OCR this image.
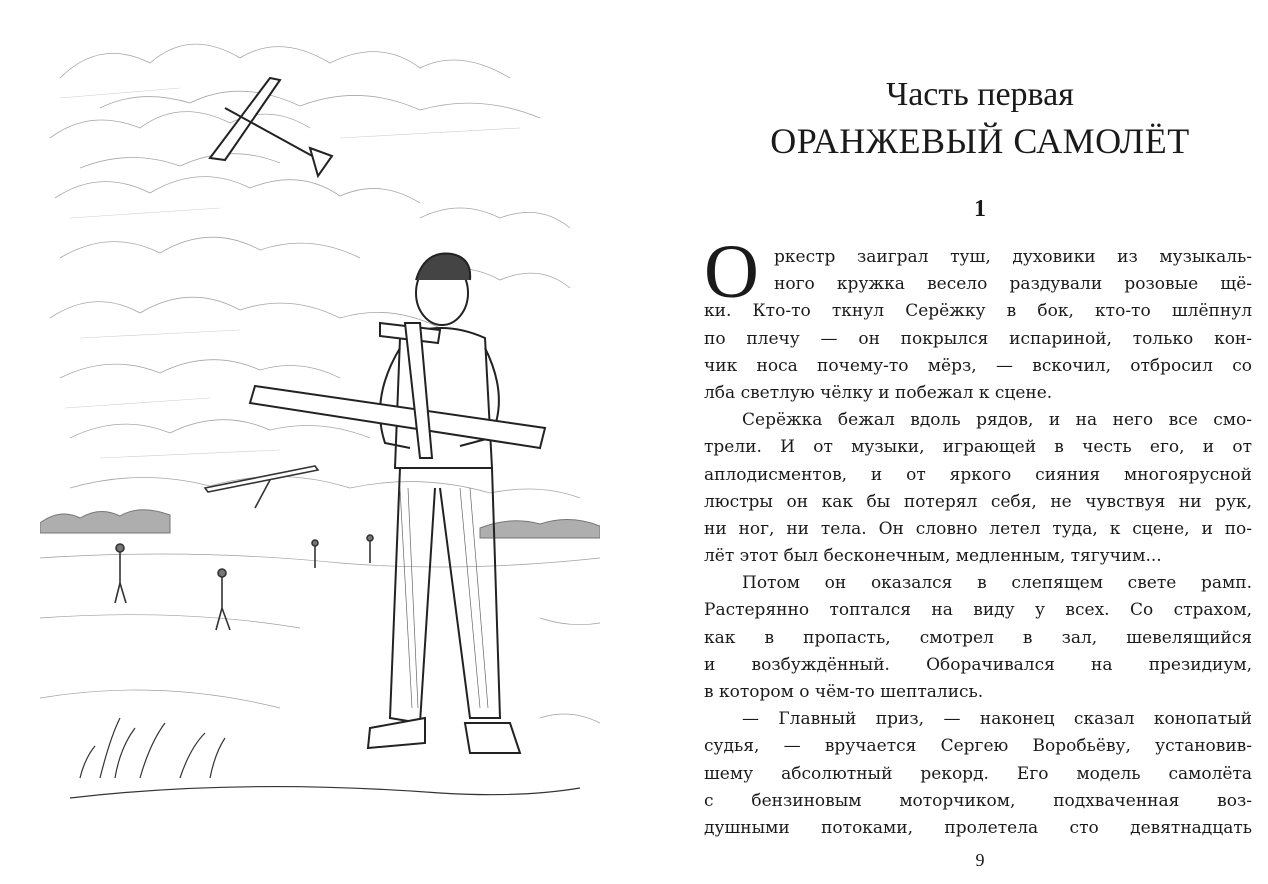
Часть первая
ОРАНЖЕВЫЙ САМОЛЁТ
1
О ркестр заиграл туш, духовики из музыкаль-
ного кружка весело раздували розовые щё-
ки. Кто-то ткнул Серёжку в бок, кто-то шлёпнул
по плечу — он покрылся испариной, только кон-
чик носа почему-то мёрз, — вскочил, отбросил со
лба светлую чёлку и побежал к сцене.
Серёжка бежал вдоль рядов, и на него все смо-
трели. И от музыки, играющей в честь его, и от
аплодисментов, и от яркого сияния многоярусной
люстры он как бы потерял себя, не чувствуя ни рук,
ни ног, ни тела. Он словно летел туда, к сцене, и по-
лёт этот был бесконечным, медленным, тягучим...
Потом он оказался в слепящем свете рамп.
Растерянно топтался на виду у всех. Со страхом,
как в пропасть, смотрел в зал, шевелящийся
и возбуждённый. Оборачивался на президиум,
в котором о чём-то шептались.
— Главный приз, — наконец сказал конопатый
судья, — вручается Сергею Воробьёву, установив-
шему абсолютный рекорд. Его модель самолёта
с бензиновым моторчиком, подхваченная воз-
душными потоками, пролетела сто девятнадцать
9
